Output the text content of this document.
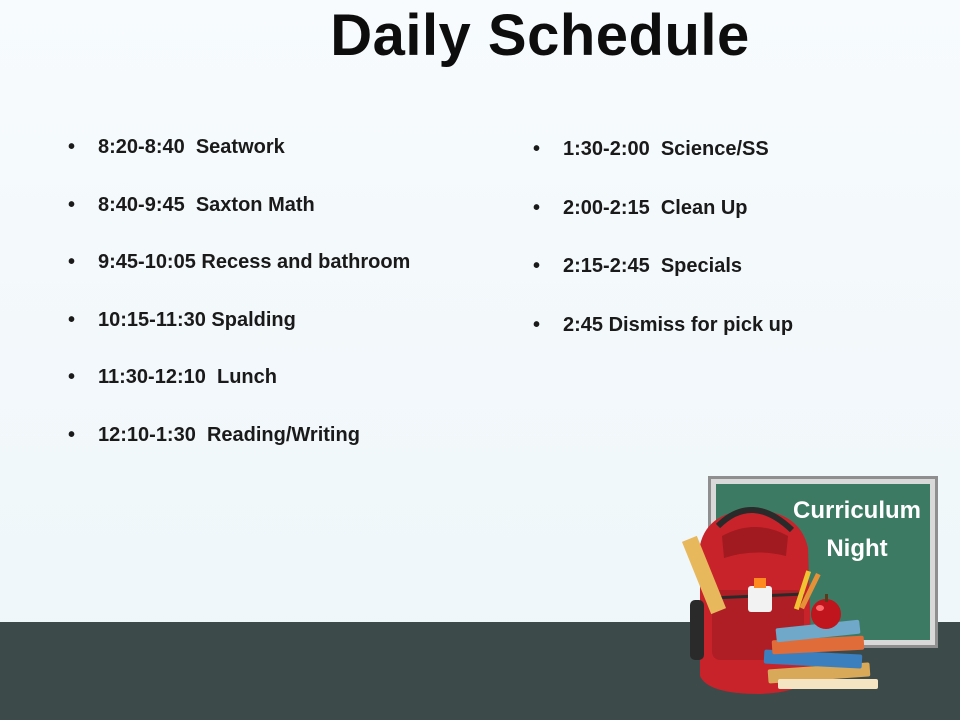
Daily Schedule
• 8:20-8:40  Seatwork
• 8:40-9:45  Saxton Math
• 9:45-10:05 Recess and bathroom
• 10:15-11:30 Spalding
• 11:30-12:10  Lunch
• 12:10-1:30  Reading/Writing
• 1:30-2:00  Science/SS
• 2:00-2:15  Clean Up
• 2:15-2:45  Specials
• 2:45 Dismiss for pick up
Curriculum
Night
